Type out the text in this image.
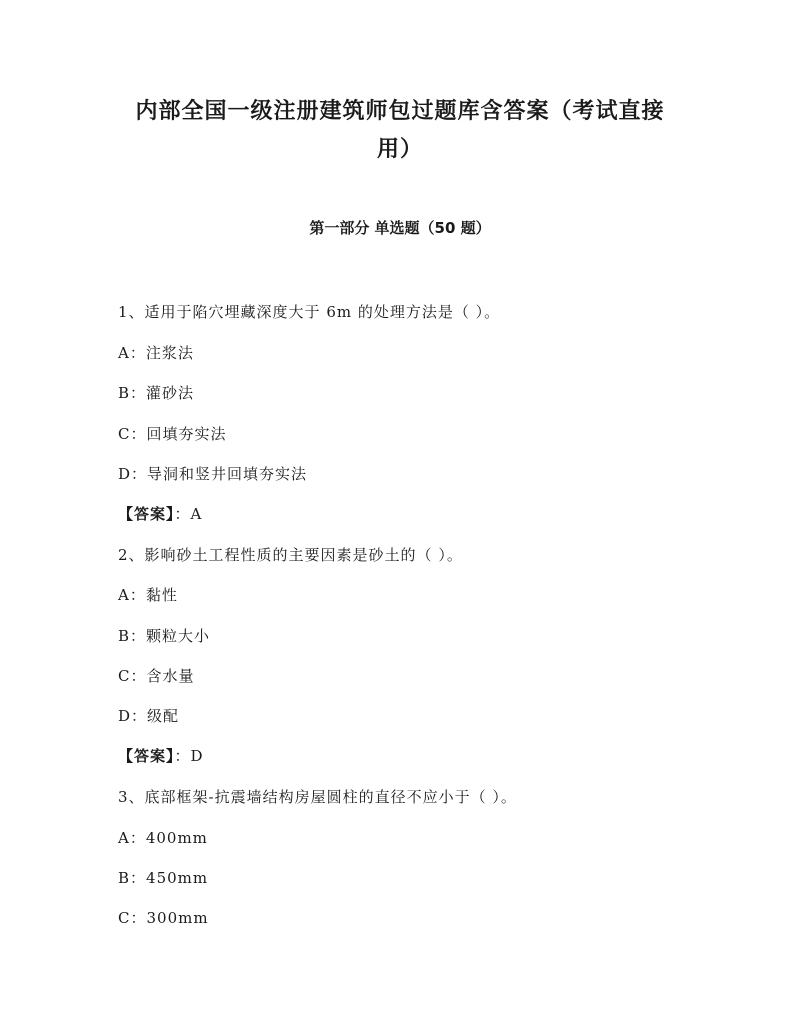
内部全国一级注册建筑师包过题库含答案（考试直接
用）
第一部分 单选题（50 题）

1、适用于陷穴埋藏深度大于 6m 的处理方法是（ ）。

A：注浆法

B：灌砂法

C：回填夯实法

D：导洞和竖井回填夯实法

【答案】：A

2、影响砂土工程性质的主要因素是砂土的（ ）。

A：黏性

B：颗粒大小

C：含水量

D：级配

【答案】：D

3、底部框架-抗震墙结构房屋圆柱的直径不应小于（ ）。

A：400mm

B：450mm

C：300mm
